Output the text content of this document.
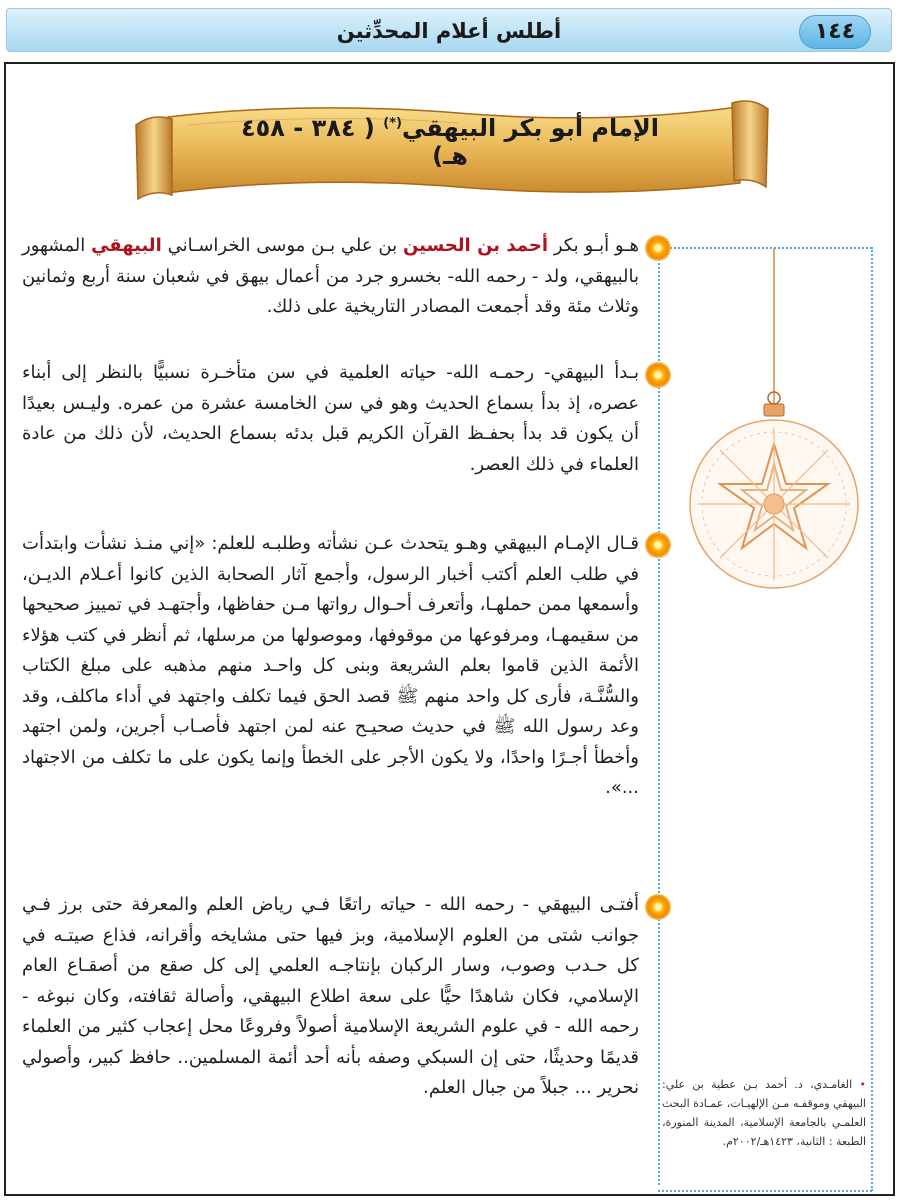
أطلس أعلام المحدِّثين	١٤٤
الإمام أبو بكر البيهقي(*) ( ٣٨٤ - ٤٥٨ هـ)

هـو أبـو بكر أحمد بن الحسين بن علي بـن موسى الخراسـاني البيهقي المشهور بالبيهقي، ولد - رحمه الله- بخسرو جرد من أعمال بيهق في شعبان سنة أربع وثمانين وثلاث مئة وقد أجمعت المصادر التاريخية على ذلك.

بـدأ البيهقي- رحمـه الله- حياته العلمية في سن متأخـرة نسبيًّا بالنظر إلى أبناء عصره، إذ بدأ بسماع الحديث وهو في سن الخامسة عشرة من عمره. وليـس بعيدًا أن يكون قد بدأ بحفـظ القرآن الكريم قبل بدئه بسماع الحديث، لأن ذلك من عادة العلماء في ذلك العصر.

قـال الإمـام البيهقي وهـو يتحدث عـن نشأته وطلبـه للعلم: «إني منـذ نشأت وابتدأت في طلب العلم أكتب أخبار الرسول، وأجمع آثار الصحابة الذين كانوا أعـلام الديـن، وأسمعها ممن حملهـا، وأتعرف أحـوال رواتها مـن حفاظها، وأجتهـد في تمييز صحيحها من سقيمهـا، ومرفوعها من موقوفها، وموصولها من مرسلها، ثم أنظر في كتب هؤلاء الأئمة الذين قاموا بعلم الشريعة وبنى كل واحـد منهم مذهبه على مبلغ الكتاب والسُّنَّـة، فأرى كل واحد منهم ﷺ قصد الحق فيما تكلف واجتهد في أداء ماكلف، وقد وعد رسول الله ﷺ في حديث صحيـح عنه لمن اجتهد فأصـاب أجرين، ولمن اجتهد وأخطأ أجـرًا واحدًا، ولا يكون الأجر على الخطأ وإنما يكون على ما تكلف من الاجتهاد ...».

أفتـى البيهقي - رحمه الله - حياته راتعًا فـي رياض العلم والمعرفة حتى برز فـي جوانب شتى من العلوم الإسلامية، وبز فيها حتى مشايخه وأقرانه، فذاع صيتـه في كل حـدب وصوب، وسار الركبان بإنتاجـه العلمي إلى كل صقع من أصقـاع العام الإسلامي، فكان شاهدًا حيًّا على سعة اطلاع البيهقي، وأصالة ثقافته، وكان نبوغه - رحمه الله - في علوم الشريعة الإسلامية أصولاً وفروعًا محل إعجاب كثير من العلماء قديمًا وحديثًا، حتى إن السبكي وصفه بأنه أحد أئمة المسلمين.. حافظ كبير، وأصولي نحرير ... جبلاً من جبال العلم.	• الغامـدي، د. أحمد بـن عطية بن علي: البيهقي وموقفـه مـن الإلهيـات، عمـادة البحث العلمـي بالجامعة الإسلامية، المدينة المنورة، الطبعة : الثانية، ١٤٢٣هـ/٢٠٠٢م.
